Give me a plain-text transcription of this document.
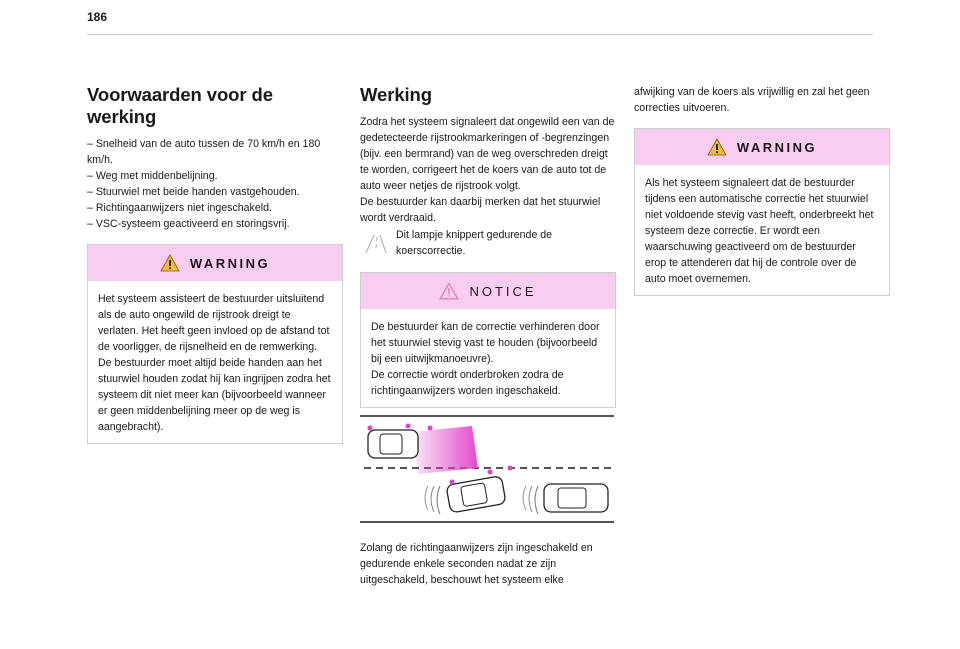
186
Voorwaarden voor de werking

– Snelheid van de auto tussen de 70 km/h en 180 km/h.

– Weg met middenbelijning.

– Stuurwiel met beide handen vastgehouden.

– Richtingaanwijzers niet ingeschakeld.

– VSC-systeem geactiveerd en storingsvrij.

WARNING

Het systeem assisteert de bestuurder uitsluitend als de auto ongewild de rijstrook dreigt te verlaten. Het heeft geen invloed op de afstand tot de voorligger, de rijsnelheid en de remwerking.

De bestuurder moet altijd beide handen aan het stuurwiel houden zodat hij kan ingrijpen zodra het systeem dit niet meer kan (bijvoorbeeld wanneer er geen middenbelijning meer op de weg is aangebracht).

Werking

Zodra het systeem signaleert dat ongewild een van de gedetecteerde rijstrookmarkeringen of -begrenzingen (bijv. een bermrand) van de weg overschreden dreigt te worden, corrigeert het de koers van de auto tot de auto weer netjes de rijstrook volgt.

De bestuurder kan daarbij merken dat het stuurwiel wordt verdraaid.

Dit lampje knippert gedurende de koerscorrectie.
NOTICE

De bestuurder kan de correctie verhinderen door het stuurwiel stevig vast te houden (bijvoorbeeld bij een uitwijkmanoeuvre).

De correctie wordt onderbroken zodra de richtingaanwijzers worden ingeschakeld.

Zolang de richtingaanwijzers zijn ingeschakeld en gedurende enkele seconden nadat ze zijn uitgeschakeld, beschouwt het systeem elke
afwijking van de koers als vrijwillig en zal het geen correcties uitvoeren.
WARNING

Als het systeem signaleert dat de bestuurder tijdens een automatische correctie het stuurwiel niet voldoende stevig vast heeft, onderbreekt het systeem deze correctie. Er wordt een waarschuwing geactiveerd om de bestuurder erop te attenderen dat hij de controle over de auto moet overnemen.
